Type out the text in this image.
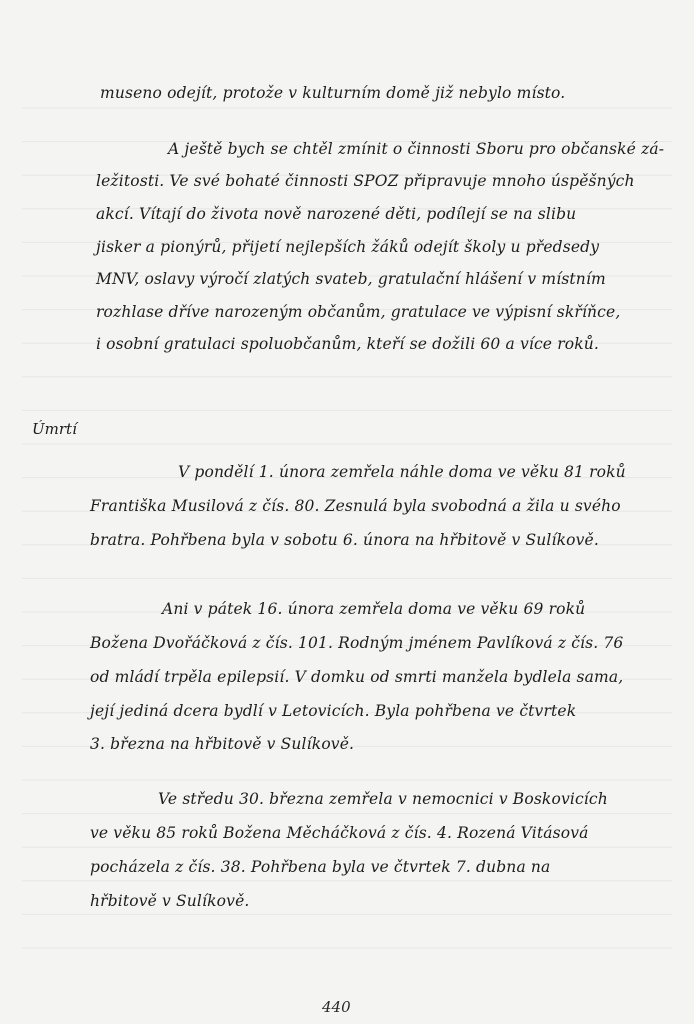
Úmrtí
museno odejít, protože v kulturním domě již nebylo místo.
A ještě bych se chtěl zmínit o činnosti Sboru pro občanské zá-
ležitosti. Ve své bohaté činnosti SPOZ připravuje mnoho úspěšných
akcí. Vítají do života nově narozené děti, podílejí se na slibu
jisker a pionýrů, přijetí nejlepších žáků odejít školy u předsedy
MNV, oslavy výročí zlatých svateb, gratulační hlášení v místním
rozhlase dříve narozeným občanům, gratulace ve výpisní skříňce,
i osobní gratulaci spoluobčanům, kteří se dožili 60 a více roků.
V pondělí 1. února zemřela náhle doma ve věku 81 roků
Františka Musilová z čís. 80. Zesnulá byla svobodná a žila u svého
bratra. Pohřbena byla v sobotu 6. února na hřbitově v Sulíkově.
Ani v pátek 16. února zemřela doma ve věku 69 roků
Božena Dvořáčková z čís. 101. Rodným jménem Pavlíková z čís. 76
od mládí trpěla epilepsií. V domku od smrti manžela bydlela sama,
její jediná dcera bydlí v Letovicích. Byla pohřbena ve čtvrtek
3. března na hřbitově v Sulíkově.
Ve středu 30. března zemřela v nemocnici v Boskovicích
ve věku 85 roků Božena Měcháčková z čís. 4. Rozená Vitásová
pocházela z čís. 38. Pohřbena byla ve čtvrtek 7. dubna na
hřbitově v Sulíkově.
440
